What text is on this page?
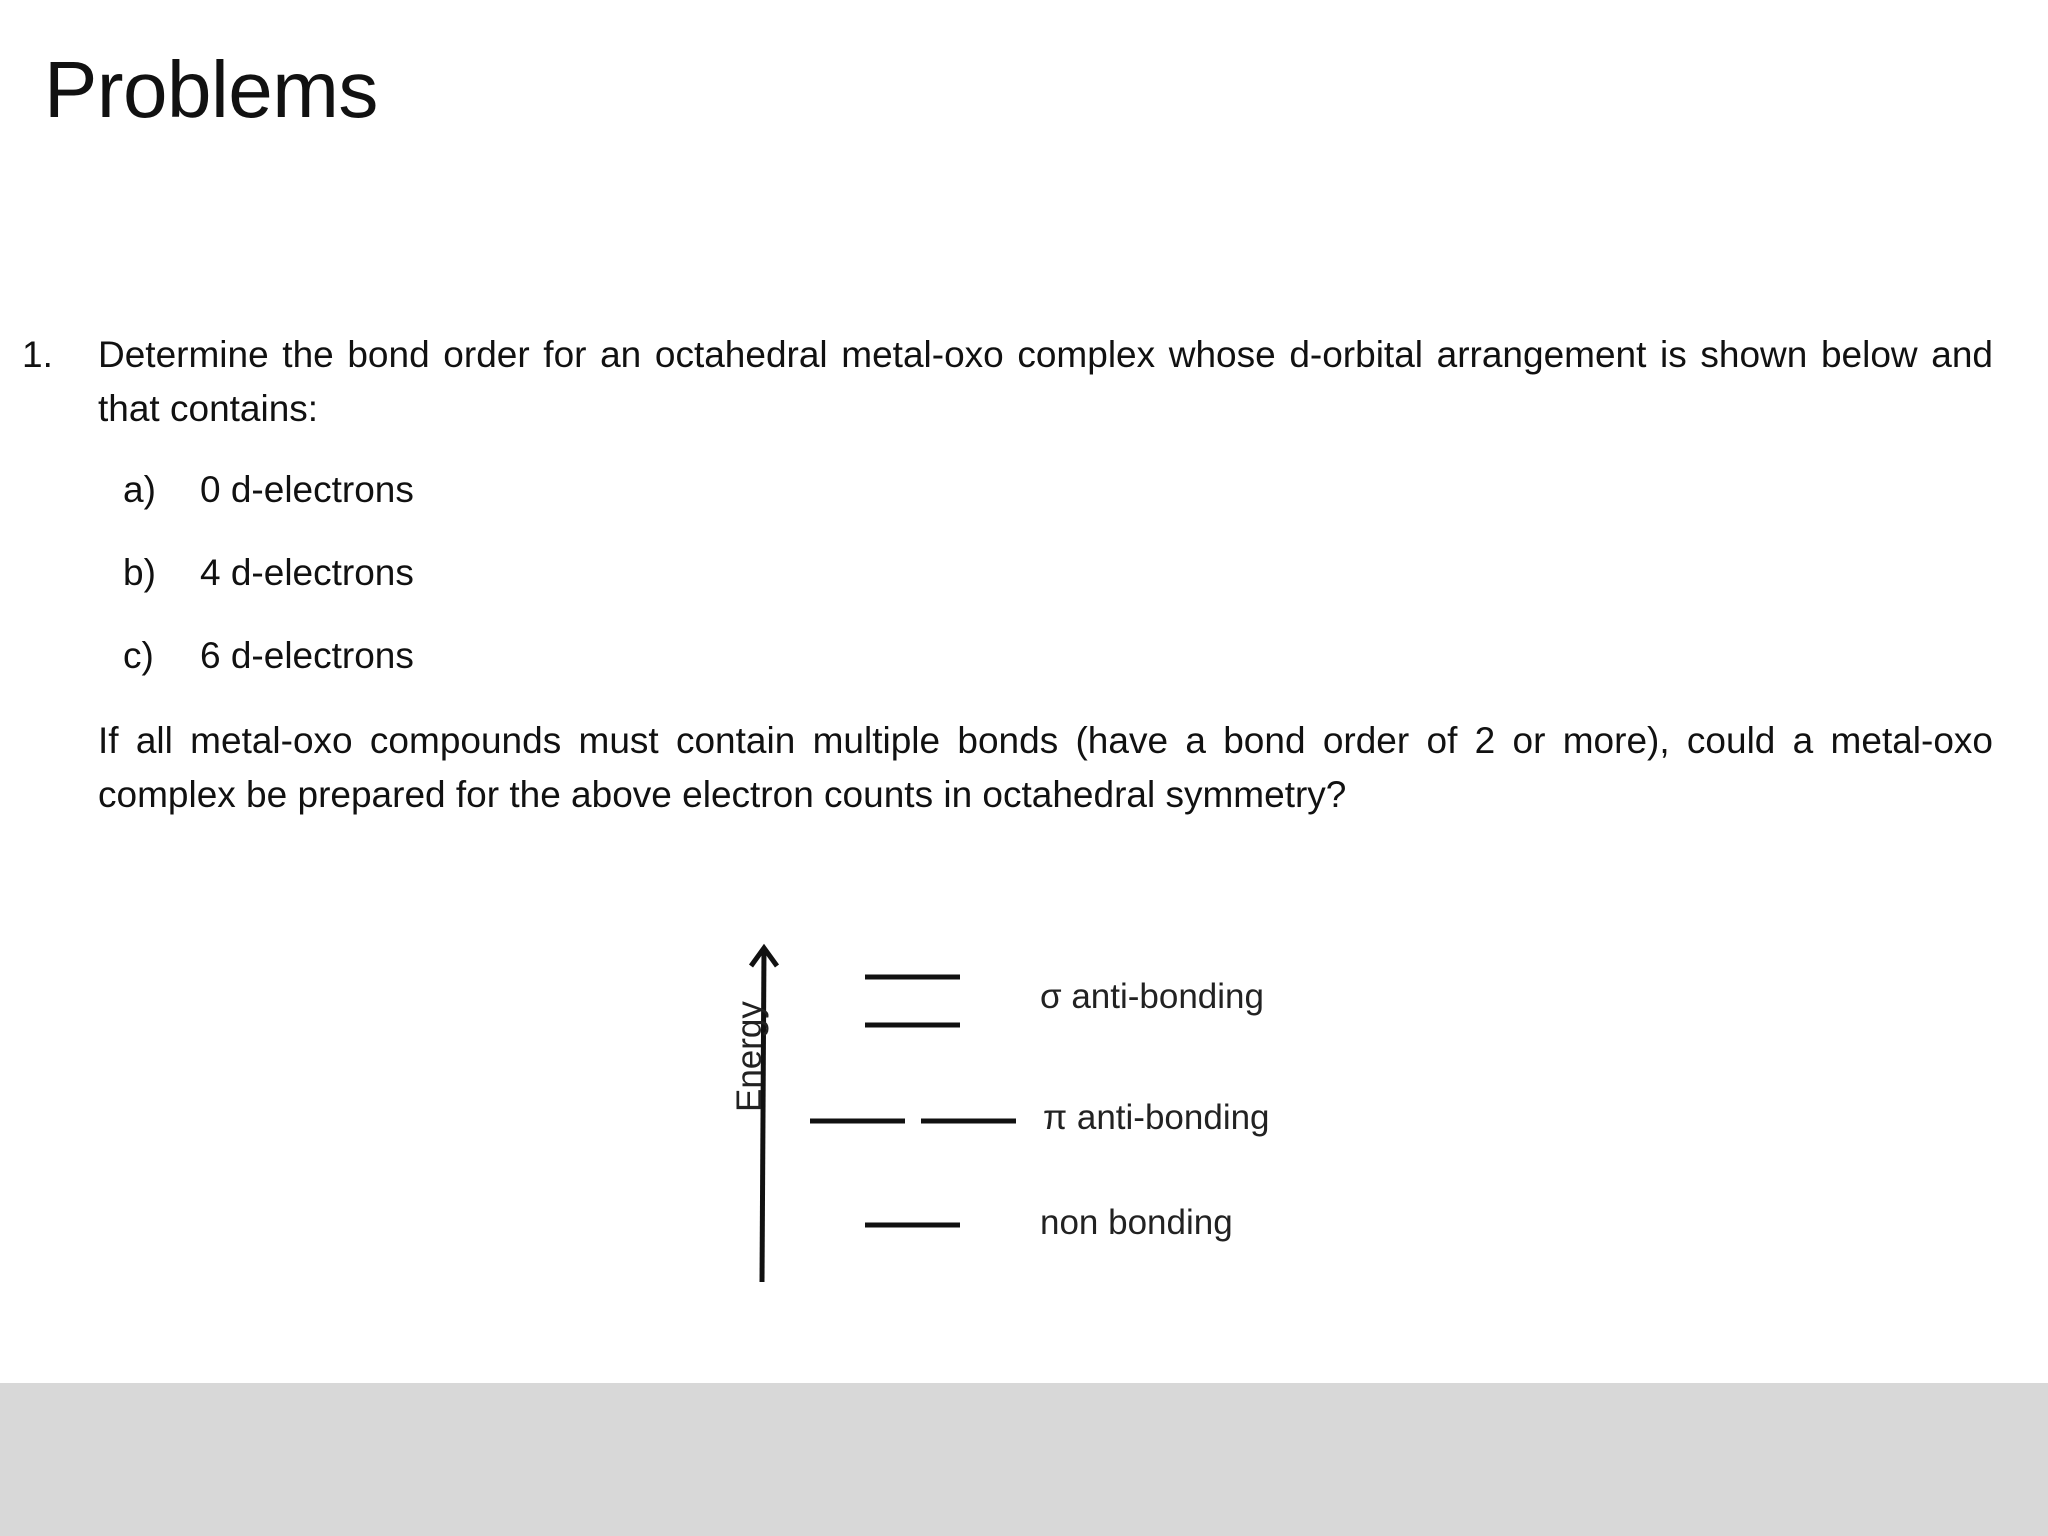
Problems
1. Determine the bond order for an octahedral metal-oxo complex whose d-orbital arrangement is shown below and that contains:
a) 0 d-electrons
b) 4 d-electrons
c) 6 d-electrons
If all metal-oxo compounds must contain multiple bonds (have a bond order of 2 or more), could a metal-oxo complex be prepared for the above electron counts in octahedral symmetry?
Energy
σ anti-bonding
π anti-bonding
non bonding
